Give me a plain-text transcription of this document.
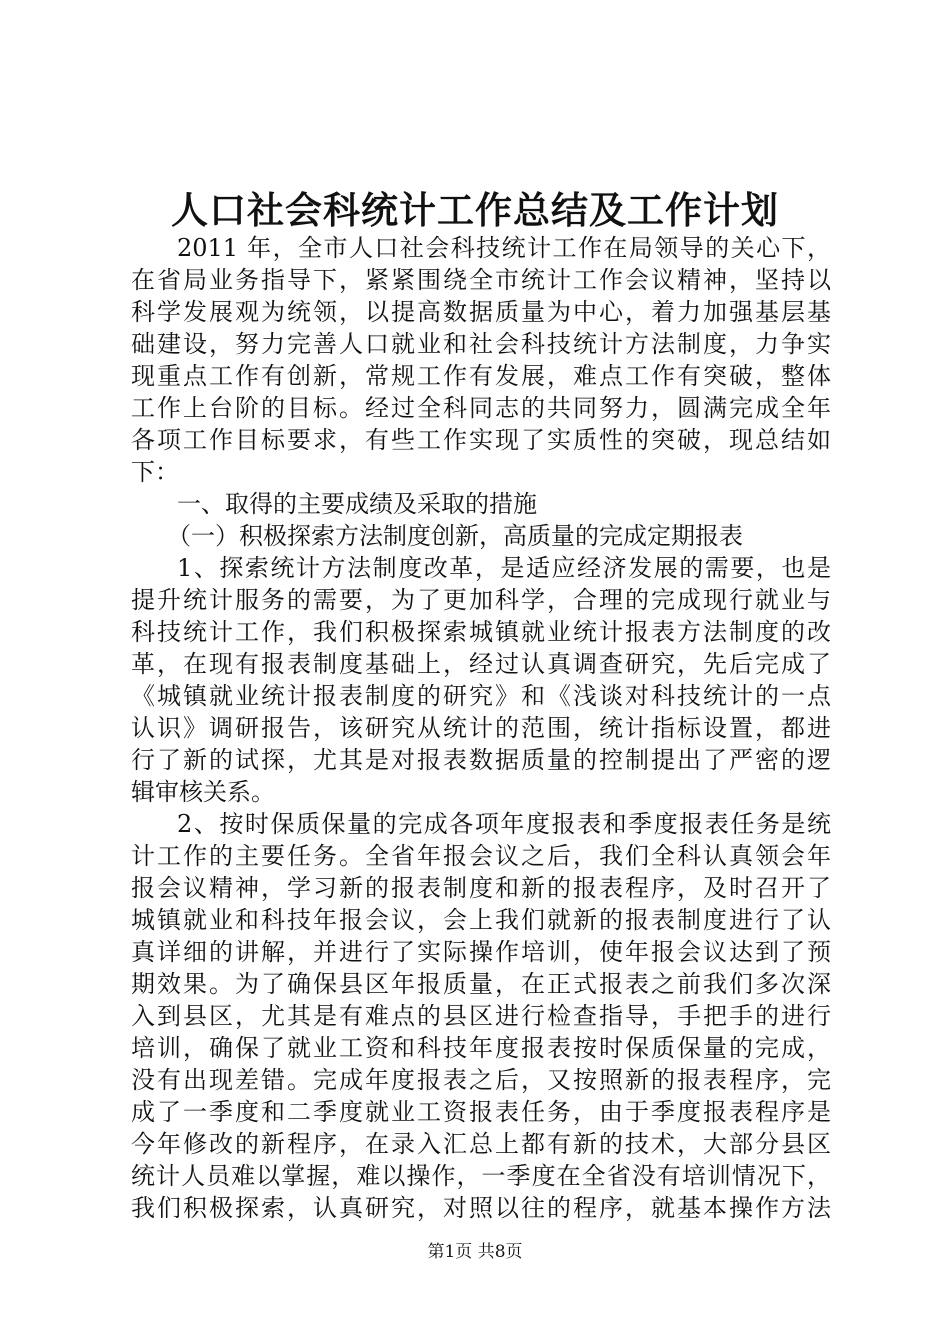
人口社会科统计工作总结及工作计划
2011 年，全市人口社会科技统计工作在局领导的关心下，
在省局业务指导下，紧紧围绕全市统计工作会议精神，坚持以
科学发展观为统领，以提高数据质量为中心，着力加强基层基
础建设，努力完善人口就业和社会科技统计方法制度，力争实
现重点工作有创新，常规工作有发展，难点工作有突破，整体
工作上台阶的目标。经过全科同志的共同努力，圆满完成全年
各项工作目标要求，有些工作实现了实质性的突破，现总结如
下：
一、取得的主要成绩及采取的措施
（一）积极探索方法制度创新，高质量的完成定期报表
1、探索统计方法制度改革，是适应经济发展的需要，也是
提升统计服务的需要，为了更加科学，合理的完成现行就业与
科技统计工作，我们积极探索城镇就业统计报表方法制度的改
革，在现有报表制度基础上，经过认真调查研究，先后完成了
《城镇就业统计报表制度的研究》和《浅谈对科技统计的一点
认识》调研报告，该研究从统计的范围，统计指标设置，都进
行了新的试探，尤其是对报表数据质量的控制提出了严密的逻
辑审核关系。
2、按时保质保量的完成各项年度报表和季度报表任务是统
计工作的主要任务。全省年报会议之后，我们全科认真领会年
报会议精神，学习新的报表制度和新的报表程序，及时召开了
城镇就业和科技年报会议，会上我们就新的报表制度进行了认
真详细的讲解，并进行了实际操作培训，使年报会议达到了预
期效果。为了确保县区年报质量，在正式报表之前我们多次深
入到县区，尤其是有难点的县区进行检查指导，手把手的进行
培训，确保了就业工资和科技年度报表按时保质保量的完成，
没有出现差错。完成年度报表之后，又按照新的报表程序，完
成了一季度和二季度就业工资报表任务，由于季度报表程序是
今年修改的新程序，在录入汇总上都有新的技术，大部分县区
统计人员难以掌握，难以操作，一季度在全省没有培训情况下，
我们积极探索，认真研究，对照以往的程序，就基本操作方法
第1页 共8页
